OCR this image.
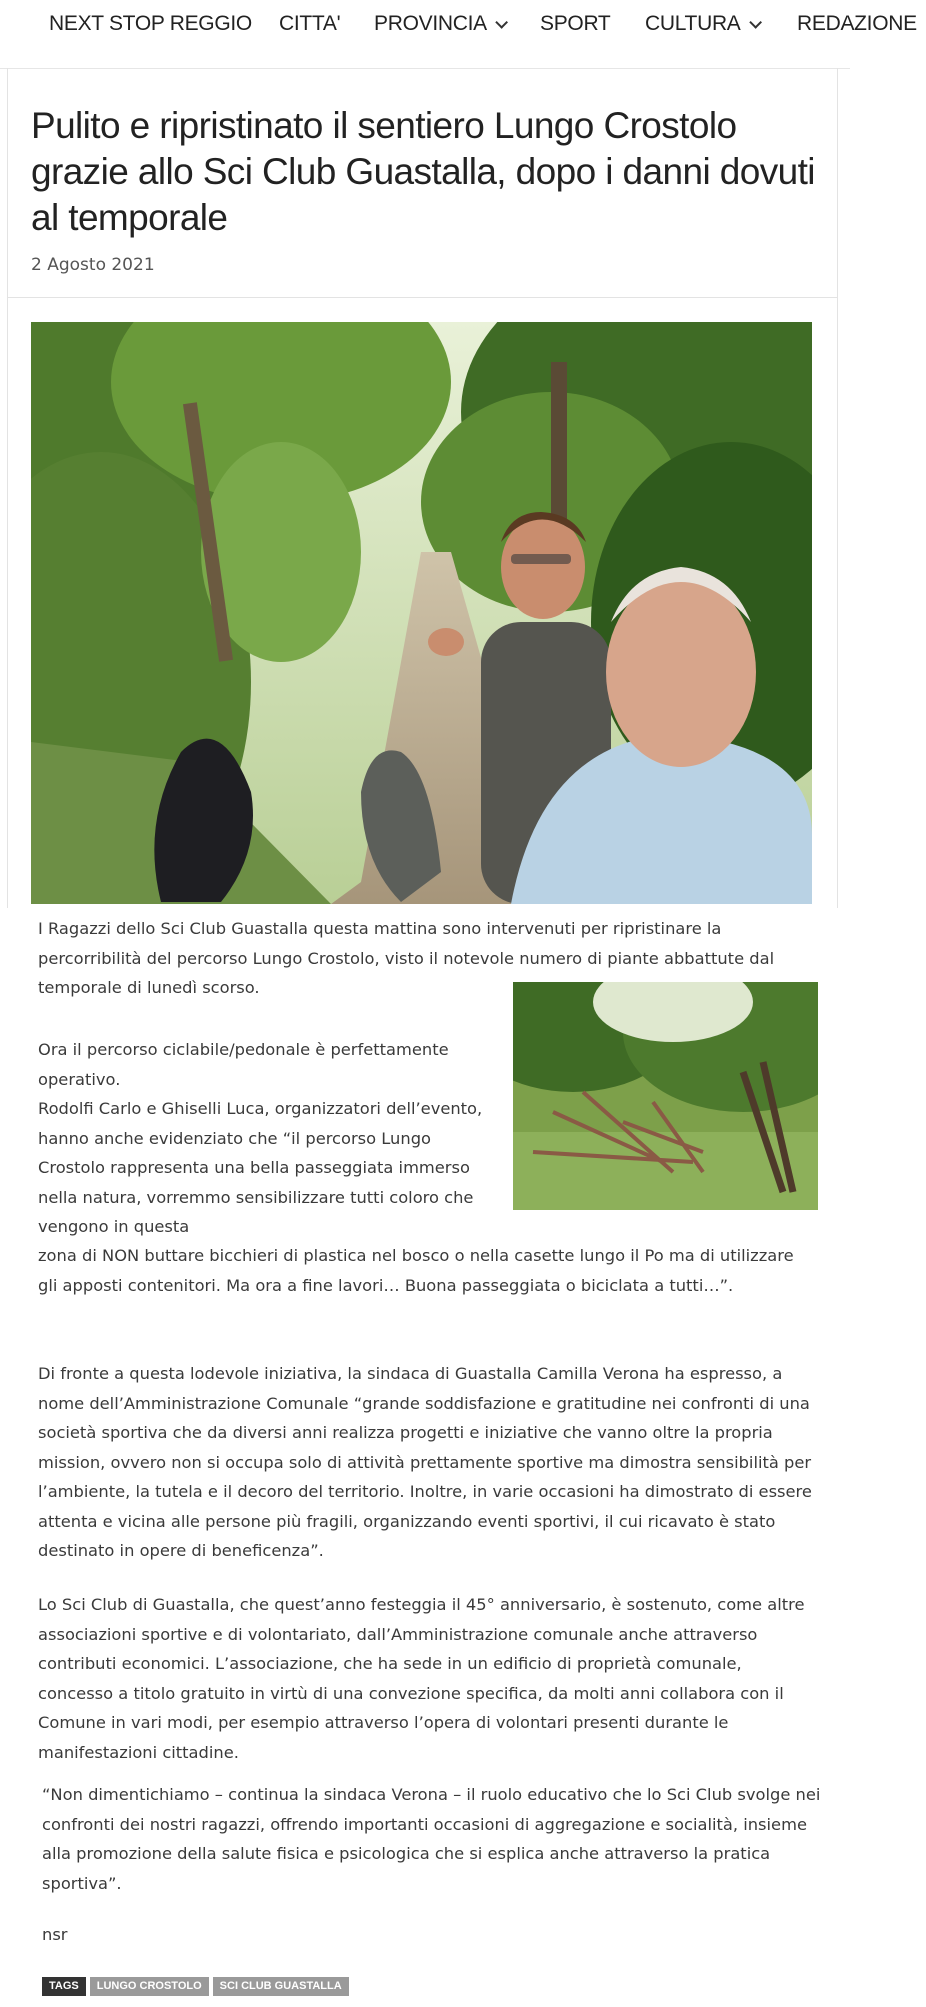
NEXT STOP REGGIO CITTA' PROVINCIA	SPORT CULTURA	REDAZIONE
Pulito e ripristinato il sentiero Lungo Crostolo grazie allo Sci Club Guastalla, dopo i danni dovuti al temporale
2 Agosto 2021

I Ragazzi dello Sci Club Guastalla questa mattina sono intervenuti per ripristinare la percorribilità del percorso Lungo Crostolo, visto il notevole numero di piante abbattute dal temporale di lunedì scorso.

Ora il percorso ciclabile/pedonale è perfettamente operativo.

Rodolfi Carlo e Ghiselli Luca, organizzatori dell’evento, hanno anche evidenziato che “il percorso Lungo Crostolo rappresenta una bella passeggiata immerso nella natura, vorremmo sensibilizzare tutti coloro che vengono in questa

zona di NON buttare bicchieri di plastica nel bosco o nella casette lungo il Po ma di utilizzare gli apposti contenitori. Ma ora a fine lavori… Buona passeggiata o biciclata a tutti…”.

Di fronte a questa lodevole iniziativa, la sindaca di Guastalla Camilla Verona ha espresso, a nome dell’Amministrazione Comunale “grande soddisfazione e gratitudine nei confronti di una società sportiva che da diversi anni realizza progetti e iniziative che vanno oltre la propria mission, ovvero non si occupa solo di attività prettamente sportive ma dimostra sensibilità per l’ambiente, la tutela e il decoro del territorio. Inoltre, in varie occasioni ha dimostrato di essere attenta e vicina alle persone più fragili, organizzando eventi sportivi, il cui ricavato è stato destinato in opere di beneficenza”.

Lo Sci Club di Guastalla, che quest’anno festeggia il 45° anniversario, è sostenuto, come altre associazioni sportive e di volontariato, dall’Amministrazione comunale anche attraverso contributi economici. L’associazione, che ha sede in un edificio di proprietà comunale, concesso a titolo gratuito in virtù di una convezione specifica, da molti anni collabora con il Comune in vari modi, per esempio attraverso l’opera di volontari presenti durante le manifestazioni cittadine.

“Non dimentichiamo – continua la sindaca Verona – il ruolo educativo che lo Sci Club svolge nei confronti dei nostri ragazzi, offrendo importanti occasioni di aggregazione e socialità, insieme alla promozione della salute fisica e psicologica che si esplica anche attraverso la pratica sportiva”.

nsr

TAGS	LUNGO CROSTOLO	SCI CLUB GUASTALLA
